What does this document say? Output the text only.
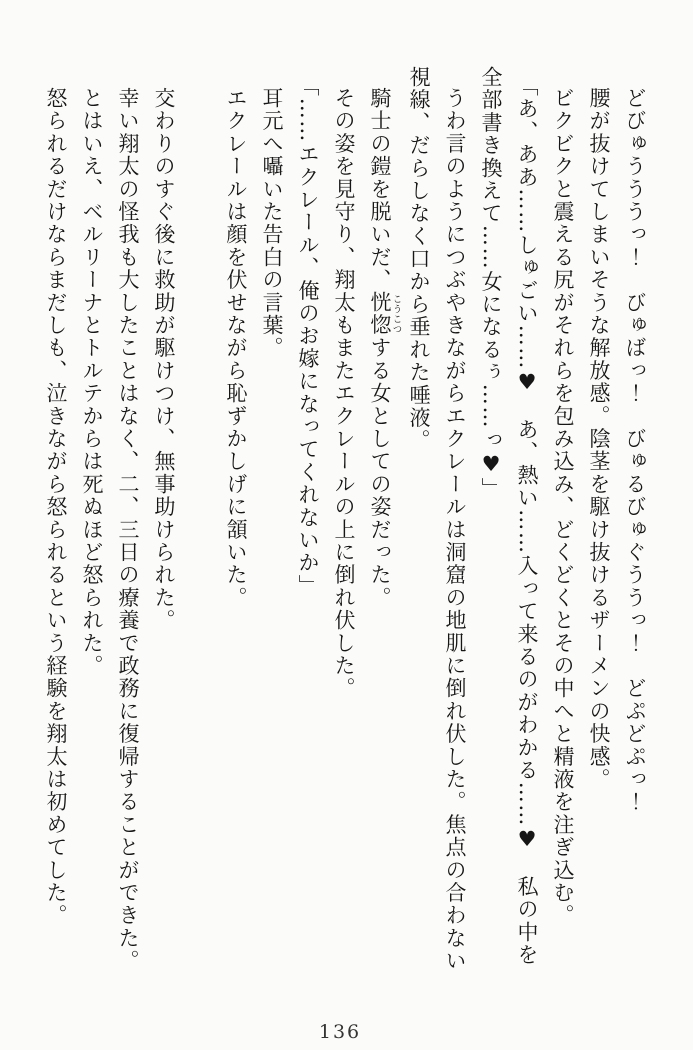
どびゅうううっ！　びゅばっ！　びゅるびゅぐううっ！　どぷどぷっ！

腰が抜けてしまいそうな解放感。陰茎を駆け抜けるザーメンの快感。

ビクビクと震える尻がそれらを包み込み、どくどくとその中へと精液を注ぎ込む。

「あ、ああ……しゅごい……♥　あ、熱い……入って来るのがわかる……♥　私の中を全部書き換えて……女になるぅ……っ♥」

うわ言のようにつぶやきながらエクレールは洞窟の地肌に倒れ伏した。焦点の合わない視線、だらしなく口から垂れた唾液。

騎士の鎧を脱いだ、恍惚こうこつする女としての姿だった。

その姿を見守り、翔太もまたエクレールの上に倒れ伏した。

「……エクレール、俺のお嫁になってくれないか」

耳元へ囁いた告白の言葉。

エクレールは顔を伏せながら恥ずかしげに頷いた。

交わりのすぐ後に救助が駆けつけ、無事助けられた。

幸い翔太の怪我も大したことはなく、二、三日の療養で政務に復帰することができた。

とはいえ、ベルリーナとトルテからは死ぬほど怒られた。

怒られるだけならまだしも、泣きながら怒られるという経験を翔太は初めてした。

136
